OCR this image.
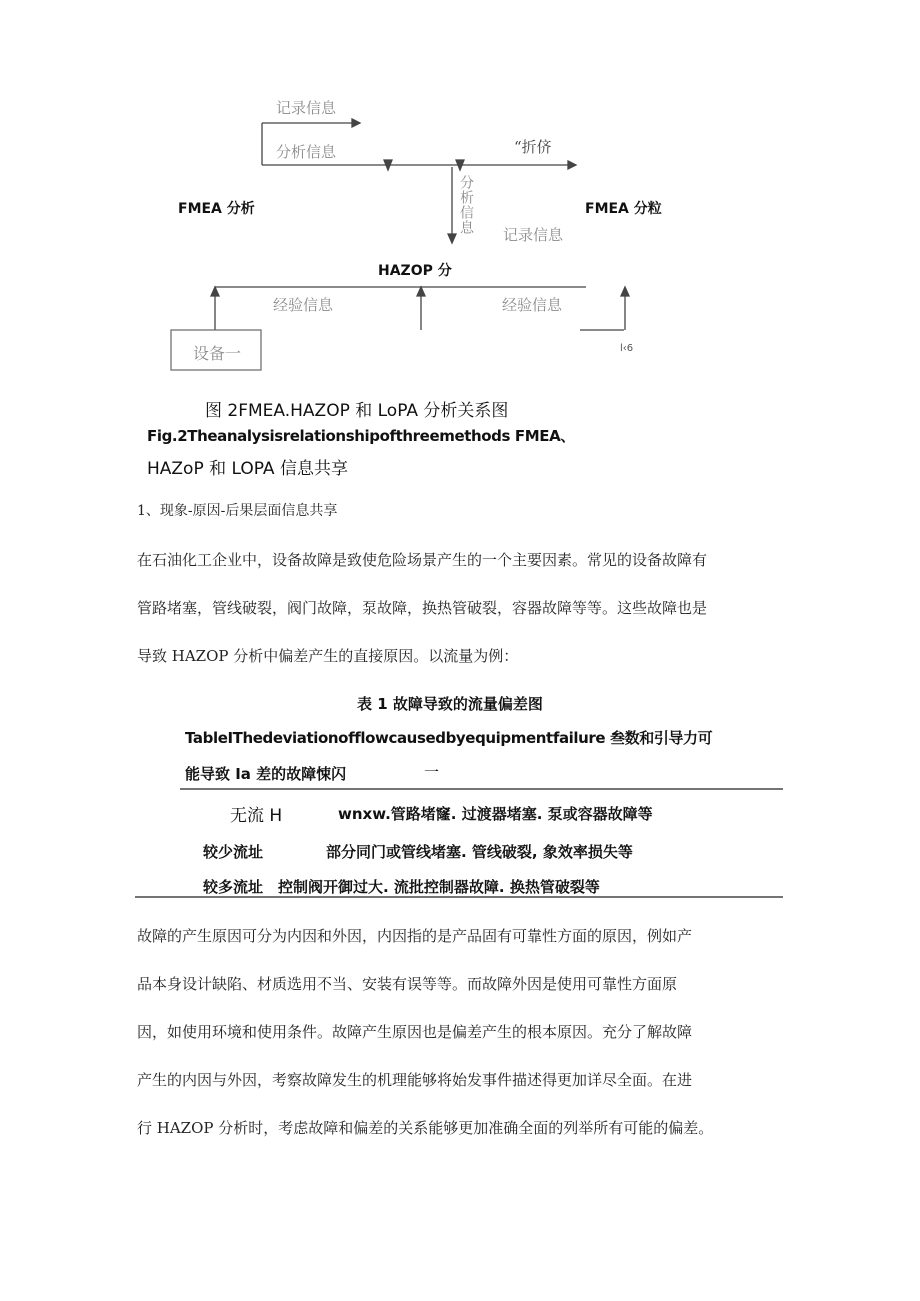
记录信息
分析信息	“折侪
FMEA 分析	FMEA 分粒
分析信息 记录信息
HAZOP 分
经验信息	经验信息
设备一	l‹6
图 2FMEA.HAZOP 和 LoPA 分析关系图
Fig.2Theanalysisrelationshipofthreemethods FMEA、
HAZoP 和 LOPA 信息共享
1、现象-原因-后果层面信息共享
在石油化工企业中，设备故障是致使危险场景产生的一个主要因素。常见的设备故障有
管路堵塞，管线破裂，阀门故障，泵故障，换热管破裂，容器故障等等。这些故障也是
导致 HAZOP 分析中偏差产生的直接原因。以流量为例：
表 1 故障导致的流量偏差图
TableIThedeviationofflowcausedbyequipmentfailure 叁数和引导力可
能导致 Ia 差的故障悚闪	一
无流 H	wnxw.管路堵窿. 过渡器堵塞. 泵或容器故障等
较少流址	部分同门或管线堵塞. 管线破裂, 象效率损失等
较多流址 控制阀开御过大. 流批控制器故障. 换热管破裂等
故障的产生原因可分为内因和外因，内因指的是产品固有可靠性方面的原因，例如产
品本身设计缺陷、材质选用不当、安装有误等等。而故障外因是使用可靠性方面原
因，如使用环境和使用条件。故障产生原因也是偏差产生的根本原因。充分了解故障
产生的内因与外因，考察故障发生的机理能够将始发事件描述得更加详尽全面。在进
行 HAZOP 分析时，考虑故障和偏差的关系能够更加准确全面的列举所有可能的偏差。
